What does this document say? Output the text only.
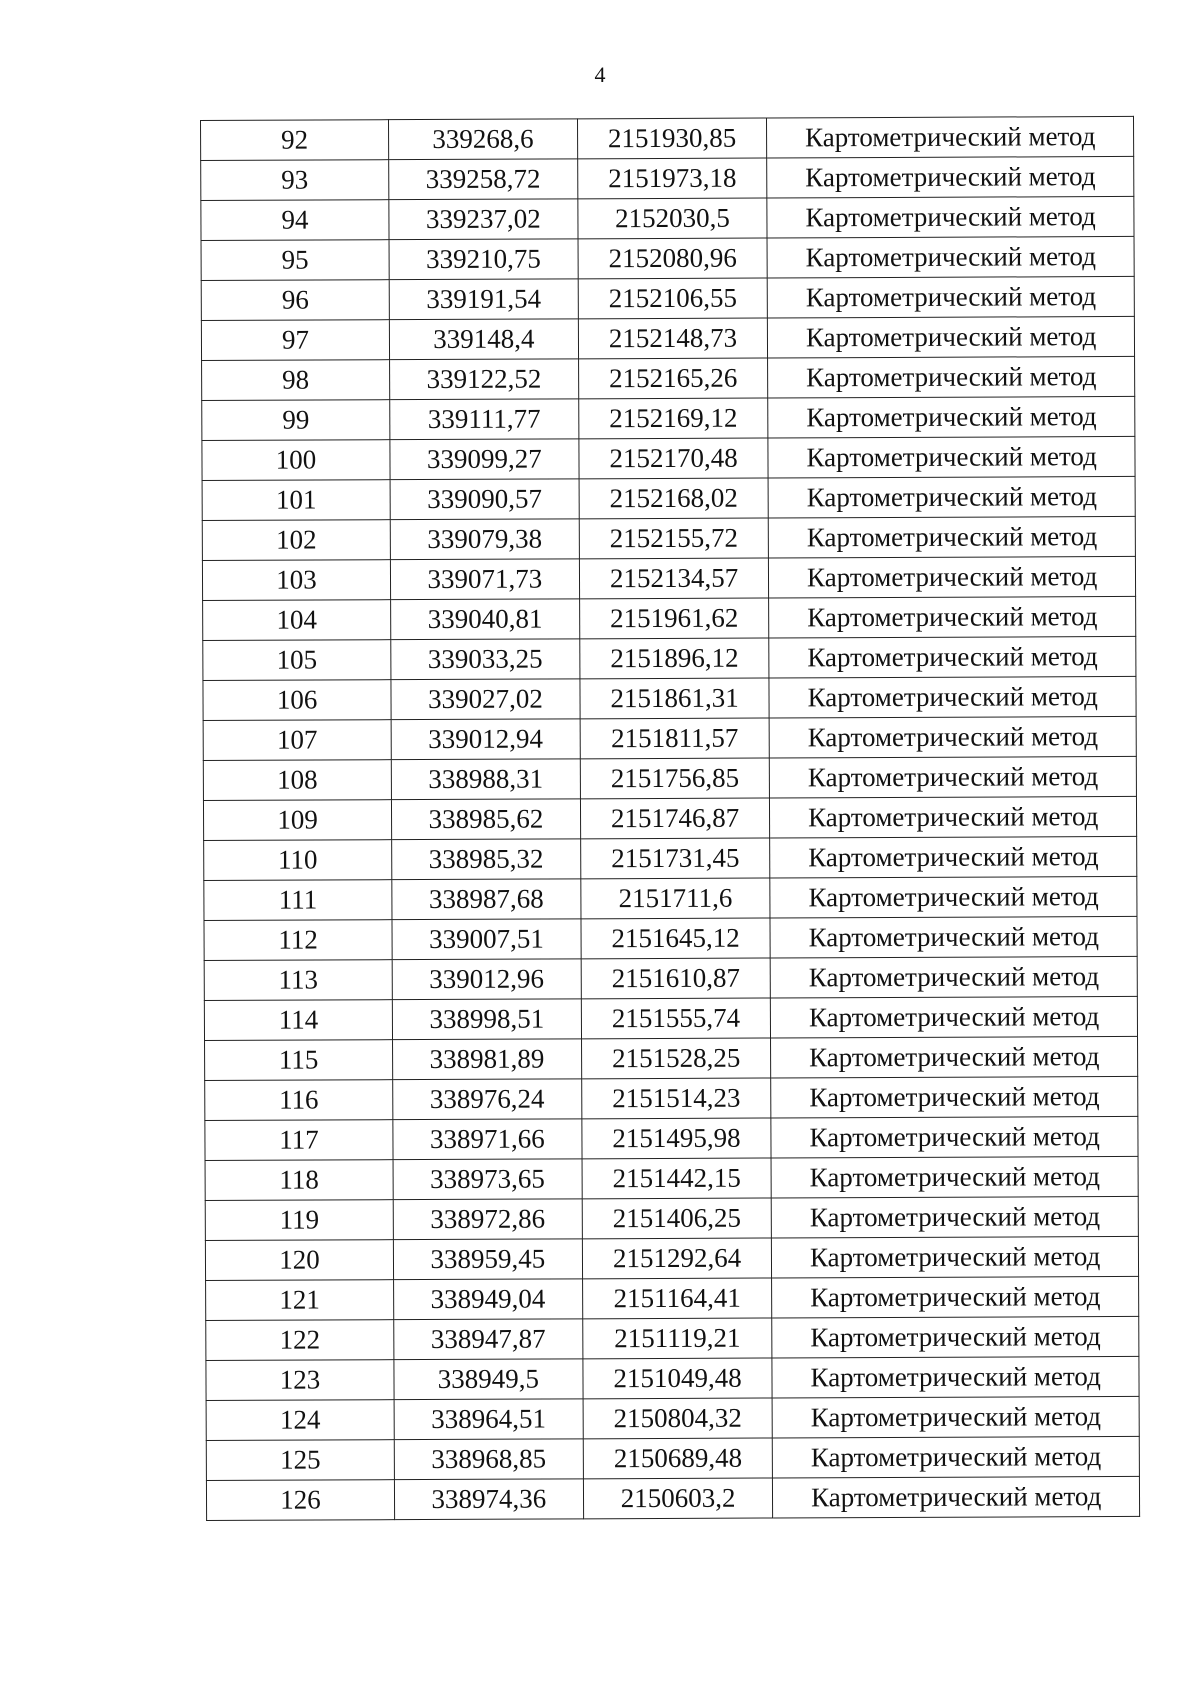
4
92	339268,6	2151930,85	Картометрический метод
93	339258,72	2151973,18	Картометрический метод
94	339237,02	2152030,5	Картометрический метод
95	339210,75	2152080,96	Картометрический метод
96	339191,54	2152106,55	Картометрический метод
97	339148,4	2152148,73	Картометрический метод
98	339122,52	2152165,26	Картометрический метод
99	339111,77	2152169,12	Картометрический метод
100	339099,27	2152170,48	Картометрический метод
101	339090,57	2152168,02	Картометрический метод
102	339079,38	2152155,72	Картометрический метод
103	339071,73	2152134,57	Картометрический метод
104	339040,81	2151961,62	Картометрический метод
105	339033,25	2151896,12	Картометрический метод
106	339027,02	2151861,31	Картометрический метод
107	339012,94	2151811,57	Картометрический метод
108	338988,31	2151756,85	Картометрический метод
109	338985,62	2151746,87	Картометрический метод
110	338985,32	2151731,45	Картометрический метод
111	338987,68	2151711,6	Картометрический метод
112	339007,51	2151645,12	Картометрический метод
113	339012,96	2151610,87	Картометрический метод
114	338998,51	2151555,74	Картометрический метод
115	338981,89	2151528,25	Картометрический метод
116	338976,24	2151514,23	Картометрический метод
117	338971,66	2151495,98	Картометрический метод
118	338973,65	2151442,15	Картометрический метод
119	338972,86	2151406,25	Картометрический метод
120	338959,45	2151292,64	Картометрический метод
121	338949,04	2151164,41	Картометрический метод
122	338947,87	2151119,21	Картометрический метод
123	338949,5	2151049,48	Картометрический метод
124	338964,51	2150804,32	Картометрический метод
125	338968,85	2150689,48	Картометрический метод
126	338974,36	2150603,2	Картометрический метод
